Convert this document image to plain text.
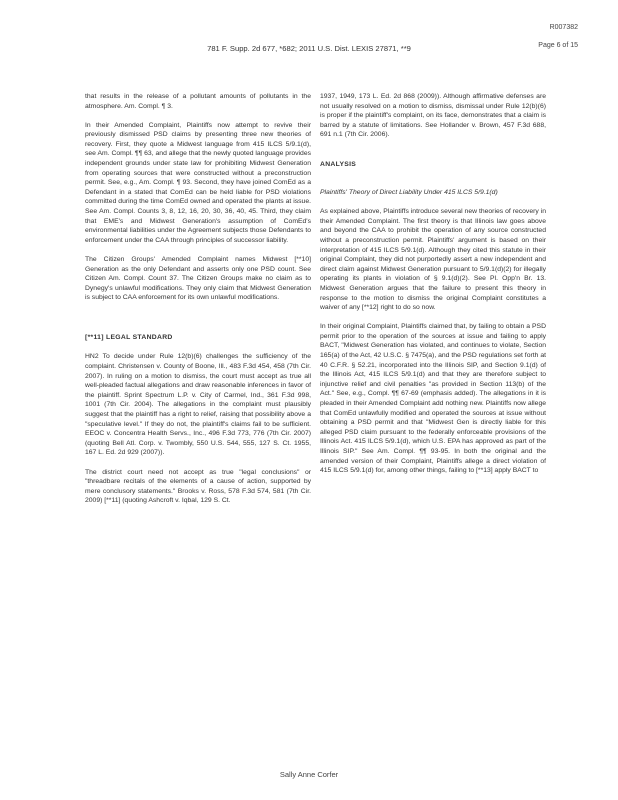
R007382
Page 6 of 15
781 F. Supp. 2d 677, *682; 2011 U.S. Dist. LEXIS 27871, **9

that results in the release of a pollutant amounts of pollutants in the atmosphere. Am. Compl. ¶ 3.

In their Amended Complaint, Plaintiffs now attempt to revive their previously dismissed PSD claims by presenting three new theories of recovery. First, they quote a Midwest language from 415 ILCS 5/9.1(d), see Am. Compl. ¶¶ 63, and allege that the newly quoted language provides independent grounds under state law for prohibiting Midwest Generation from operating sources that were constructed without a preconstruction permit. See, e.g., Am. Compl. ¶ 93. Second, they have joined ComEd as a Defendant in a stated that ComEd can be held liable for PSD violations committed during the time ComEd owned and operated the plants at issue. See Am. Compl. Counts 3, 8, 12, 16, 20, 30, 36, 40, 45. Third, they claim that EME's and Midwest Generation's assumption of ComEd's environmental liabilities under the Agreement subjects those Defendants to enforcement under the CAA through principles of successor liability.

The Citizen Groups' Amended Complaint names Midwest [**10] Generation as the only Defendant and asserts only one PSD count. See Citizen Am. Compl. Count 37. The Citizen Groups make no claim as to Dynegy's unlawful modifications. They only claim that Midwest Generation is subject to CAA enforcement for its own unlawful modifications.

[**11] LEGAL STANDARD

HN2 To decide under Rule 12(b)(6) challenges the sufficiency of the complaint. Christensen v. County of Boone, Ill., 483 F.3d 454, 458 (7th Cir. 2007). In ruling on a motion to dismiss, the court must accept as true all well-pleaded factual allegations and draw reasonable inferences in favor of the plaintiff. Sprint Spectrum L.P. v. City of Carmel, Ind., 361 F.3d 998, 1001 (7th Cir. 2004). The allegations in the complaint must plausibly suggest that the plaintiff has a right to relief, raising that possibility above a "speculative level." If they do not, the plaintiff's claims fail to be sufficient. EEOC v. Concentra Health Servs., Inc., 496 F.3d 773, 776 (7th Cir. 2007) (quoting Bell Atl. Corp. v. Twombly, 550 U.S. 544, 555, 127 S. Ct. 1955, 167 L. Ed. 2d 929 (2007)).

The district court need not accept as true "legal conclusions" or "threadbare recitals of the elements of a cause of action, supported by mere conclusory statements." Brooks v. Ross, 578 F.3d 574, 581 (7th Cir. 2009) [**11] (quoting Ashcroft v. Iqbal, 129 S. Ct.

1937, 1949, 173 L. Ed. 2d 868 (2009)). Although affirmative defenses are not usually resolved on a motion to dismiss, dismissal under Rule 12(b)(6) is proper if the plaintiff's complaint, on its face, demonstrates that a claim is barred by a statute of limitations. See Hollander v. Brown, 457 F.3d 688, 691 n.1 (7th Cir. 2006).

ANALYSIS
Plaintiffs' Theory of Direct Liability Under 415 ILCS 5/9.1(d)

As explained above, Plaintiffs introduce several new theories of recovery in their Amended Complaint. The first theory is that Illinois law goes above and beyond the CAA to prohibit the operation of any source constructed without a preconstruction permit. Plaintiffs' argument is based on their interpretation of 415 ILCS 5/9.1(d). Although they cited this statute in their original Complaint, they did not purportedly assert a new independent and direct claim against Midwest Generation pursuant to 5/9.1(d)(2) for illegally operating its plants in violation of § 9.1(d)(2). See Pl. Opp'n Br. 13. Midwest Generation argues that the failure to present this theory in response to the motion to dismiss the original Complaint constitutes a waiver of any [**12] right to do so now.

In their original Complaint, Plaintiffs claimed that, by failing to obtain a PSD permit prior to the operation of the sources at issue and failing to apply BACT, "Midwest Generation has violated, and continues to violate, Section 165(a) of the Act, 42 U.S.C. § 7475(a), and the PSD regulations set forth at 40 C.F.R. § 52.21, incorporated into the Illinois SIP, and Section 9.1(d) of the Illinois Act, 415 ILCS 5/9.1(d) and that they are therefore subject to injunctive relief and civil penalties "as provided in Section 113(b) of the Act." See, e.g., Compl. ¶¶ 67-69 (emphasis added). The allegations in it is pleaded in their Amended Complaint add nothing new. Plaintiffs now allege that ComEd unlawfully modified and operated the sources at issue without obtaining a PSD permit and that "Midwest Gen is directly liable for this alleged PSD claim pursuant to the federally enforceable provisions of the Illinois Act. 415 ILCS 5/9.1(d), which U.S. EPA has approved as part of the Illinois SIP." See Am. Compl. ¶¶ 93-95. In both the original and the amended version of their Complaint, Plaintiffs allege a direct violation of 415 ILCS 5/9.1(d) for, among other things, failing to [**13] apply BACT to

Sally Anne Corfer
